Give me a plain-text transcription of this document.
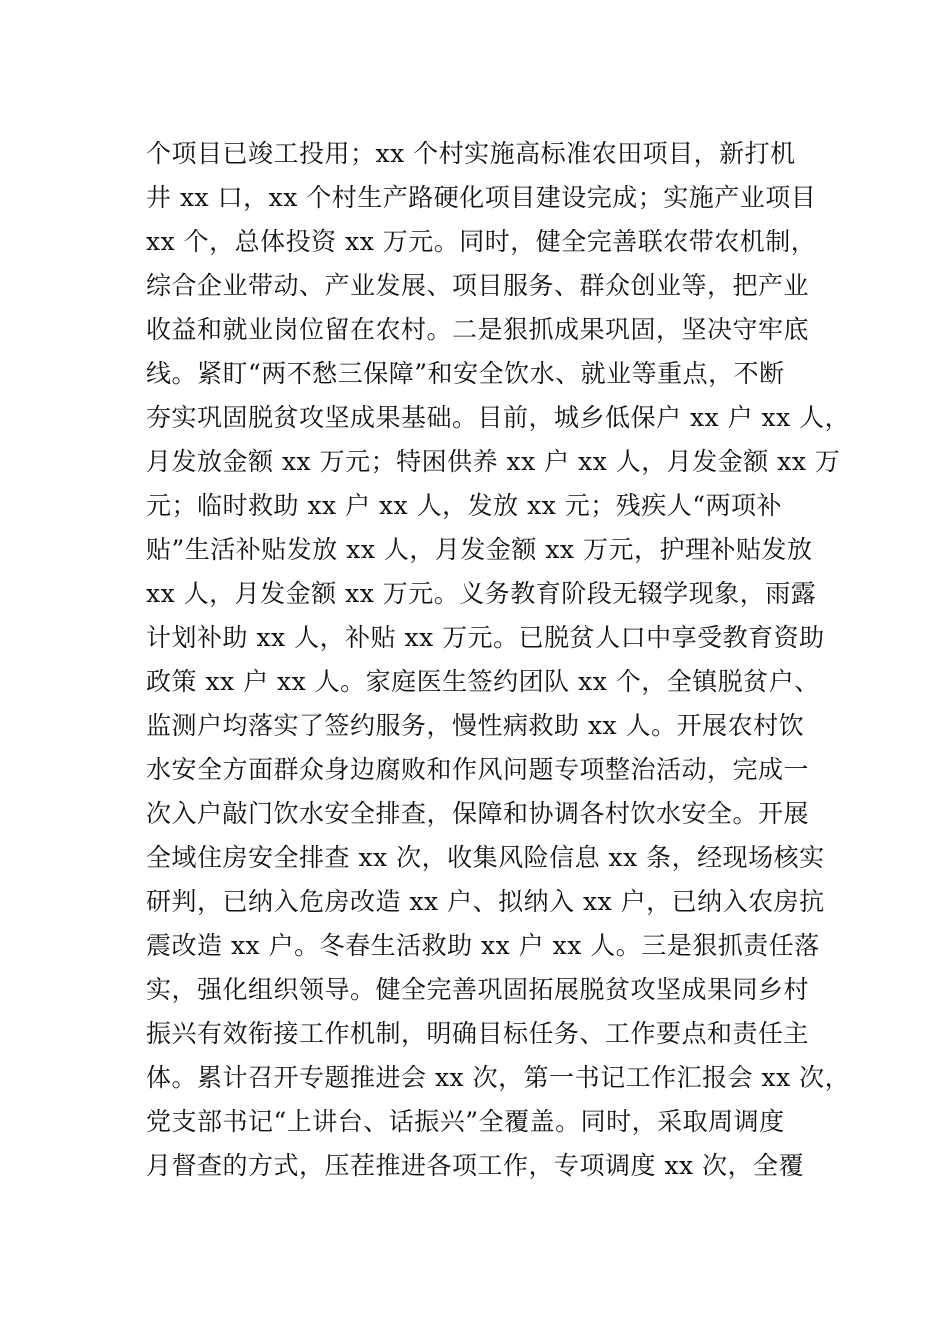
个项目已竣工投用；xx 个村实施高标准农田项目，新打机
井 xx 口，xx 个村生产路硬化项目建设完成；实施产业项目
xx 个，总体投资 xx 万元。同时，健全完善联农带农机制，
综合企业带动、产业发展、项目服务、群众创业等，把产业
收益和就业岗位留在农村。二是狠抓成果巩固，坚决守牢底
线。紧盯“两不愁三保障”和安全饮水、就业等重点，不断
夯实巩固脱贫攻坚成果基础。目前，城乡低保户 xx 户 xx 人，
月发放金额 xx 万元；特困供养 xx 户 xx 人，月发金额 xx 万
元；临时救助 xx 户 xx 人，发放 xx 元；残疾人“两项补
贴”生活补贴发放 xx 人，月发金额 xx 万元，护理补贴发放
xx 人，月发金额 xx 万元。义务教育阶段无辍学现象，雨露
计划补助 xx 人，补贴 xx 万元。已脱贫人口中享受教育资助
政策 xx 户 xx 人。家庭医生签约团队 xx 个，全镇脱贫户、
监测户均落实了签约服务，慢性病救助 xx 人。开展农村饮
水安全方面群众身边腐败和作风问题专项整治活动，完成一
次入户敲门饮水安全排查，保障和协调各村饮水安全。开展
全域住房安全排查 xx 次，收集风险信息 xx 条，经现场核实
研判，已纳入危房改造 xx 户、拟纳入 xx 户，已纳入农房抗
震改造 xx 户。冬春生活救助 xx 户 xx 人。三是狠抓责任落
实，强化组织领导。健全完善巩固拓展脱贫攻坚成果同乡村
振兴有效衔接工作机制，明确目标任务、工作要点和责任主
体。累计召开专题推进会 xx 次，第一书记工作汇报会 xx 次，
党支部书记“上讲台、话振兴”全覆盖。同时，采取周调度
月督查的方式，压茬推进各项工作，专项调度 xx 次，全覆
